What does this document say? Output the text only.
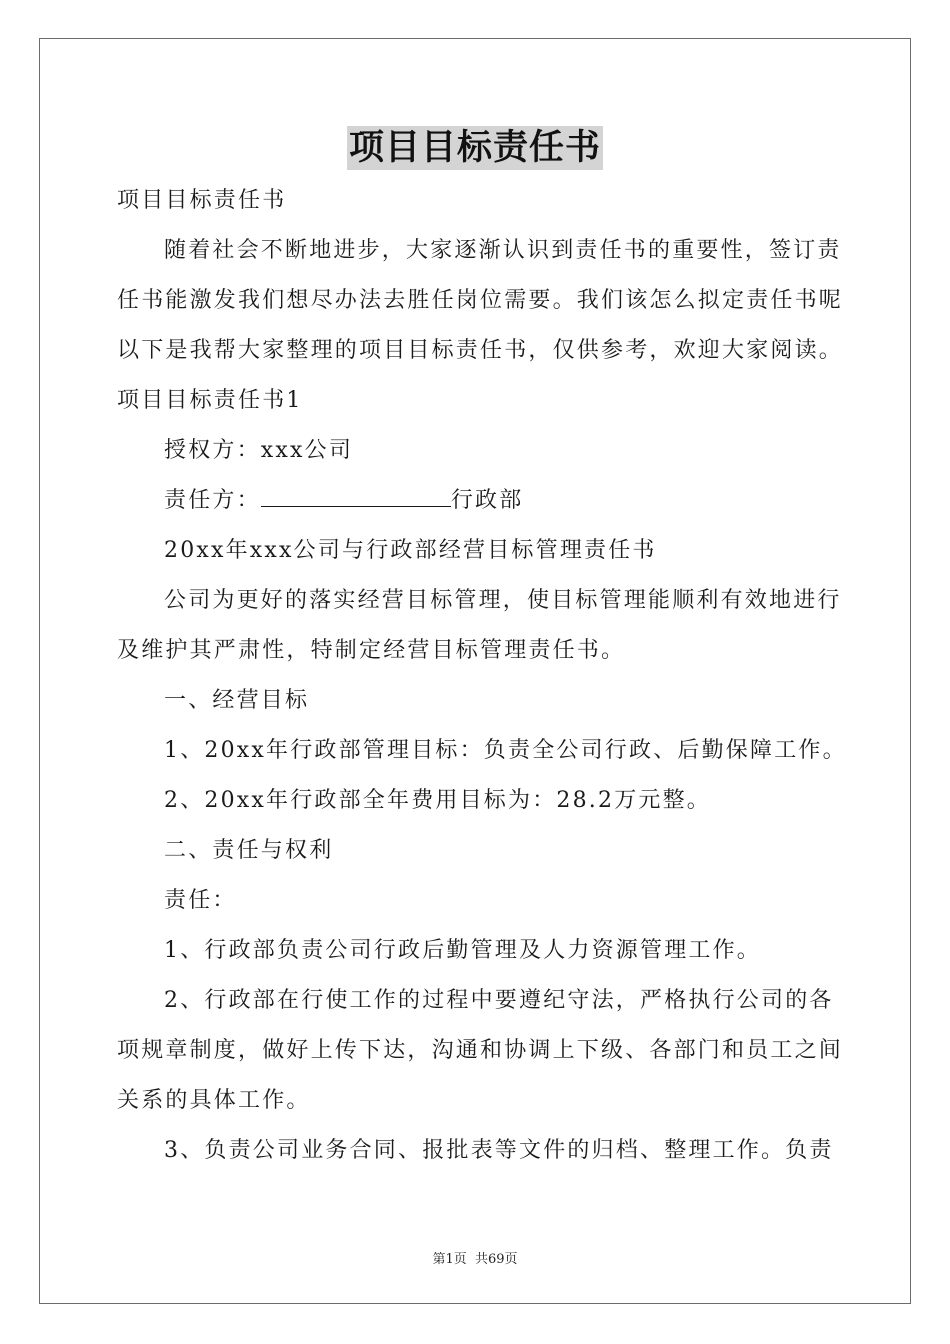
项目目标责任书

项目目标责任书

随着社会不断地进步，大家逐渐认识到责任书的重要性，签订责

任书能激发我们想尽办法去胜任岗位需要。我们该怎么拟定责任书呢

以下是我帮大家整理的项目目标责任书，仅供参考，欢迎大家阅读。

项目目标责任书1

授权方：xxx公司

责任方：	行政部

20xx年xxx公司与行政部经营目标管理责任书

公司为更好的落实经营目标管理，使目标管理能顺利有效地进行

及维护其严肃性，特制定经营目标管理责任书。

一、经营目标

1、20xx年行政部管理目标：负责全公司行政、后勤保障工作。

2、20xx年行政部全年费用目标为：28.2万元整。

二、责任与权利

责任：

1、行政部负责公司行政后勤管理及人力资源管理工作。

2、行政部在行使工作的过程中要遵纪守法，严格执行公司的各

项规章制度，做好上传下达，沟通和协调上下级、各部门和员工之间

关系的具体工作。

3、负责公司业务合同、报批表等文件的归档、整理工作。负责

第1页 共69页
